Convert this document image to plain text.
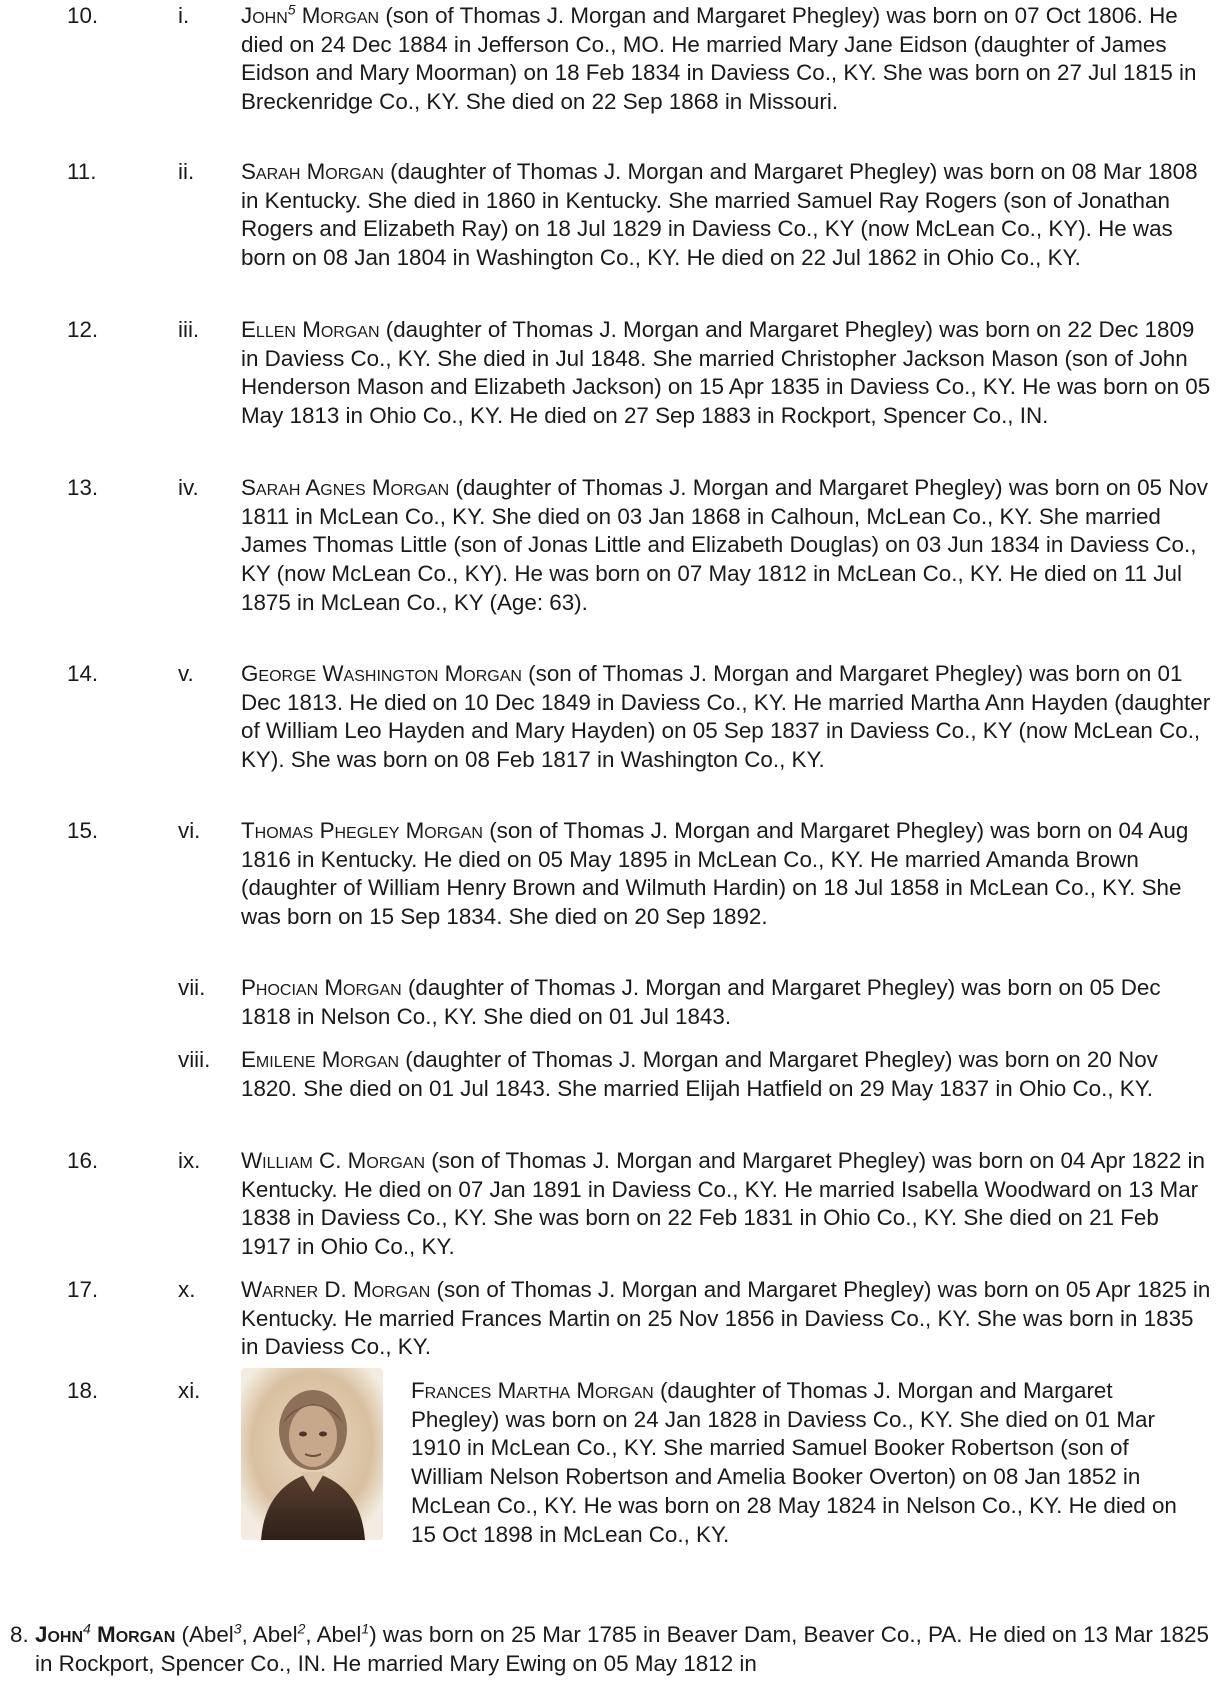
10.	i. John$^5$ Morgan (son of Thomas J. Morgan and Margaret Phegley) was born on 07 Oct 1806. He died on 24 Dec 1884 in Jefferson Co., MO. He married Mary Jane Eidson (daughter of James Eidson and Mary Moorman) on 18 Feb 1834 in Daviess Co., KY. She was born on 27 Jul 1815 in Breckenridge Co., KY. She died on 22 Sep 1868 in Missouri.
11.	ii. Sarah Morgan (daughter of Thomas J. Morgan and Margaret Phegley) was born on 08 Mar 1808 in Kentucky. She died in 1860 in Kentucky. She married Samuel Ray Rogers (son of Jonathan Rogers and Elizabeth Ray) on 18 Jul 1829 in Daviess Co., KY (now McLean Co., KY). He was born on 08 Jan 1804 in Washington Co., KY. He died on 22 Jul 1862 in Ohio Co., KY.
12.	iii. Ellen Morgan (daughter of Thomas J. Morgan and Margaret Phegley) was born on 22 Dec 1809 in Daviess Co., KY. She died in Jul 1848. She married Christopher Jackson Mason (son of John Henderson Mason and Elizabeth Jackson) on 15 Apr 1835 in Daviess Co., KY. He was born on 05 May 1813 in Ohio Co., KY. He died on 27 Sep 1883 in Rockport, Spencer Co., IN.
13.	iv. Sarah Agnes Morgan (daughter of Thomas J. Morgan and Margaret Phegley) was born on 05 Nov 1811 in McLean Co., KY. She died on 03 Jan 1868 in Calhoun, McLean Co., KY. She married James Thomas Little (son of Jonas Little and Elizabeth Douglas) on 03 Jun 1834 in Daviess Co., KY (now McLean Co., KY). He was born on 07 May 1812 in McLean Co., KY. He died on 11 Jul 1875 in McLean Co., KY (Age: 63).
14.	v. George Washington Morgan (son of Thomas J. Morgan and Margaret Phegley) was born on 01 Dec 1813. He died on 10 Dec 1849 in Daviess Co., KY. He married Martha Ann Hayden (daughter of William Leo Hayden and Mary Hayden) on 05 Sep 1837 in Daviess Co., KY (now McLean Co., KY). She was born on 08 Feb 1817 in Washington Co., KY.
15.	vi. Thomas Phegley Morgan (son of Thomas J. Morgan and Margaret Phegley) was born on 04 Aug 1816 in Kentucky. He died on 05 May 1895 in McLean Co., KY. He married Amanda Brown (daughter of William Henry Brown and Wilmuth Hardin) on 18 Jul 1858 in McLean Co., KY. She was born on 15 Sep 1834. She died on 20 Sep 1892.
vii. Phocian Morgan (daughter of Thomas J. Morgan and Margaret Phegley) was born on 05 Dec 1818 in Nelson Co., KY. She died on 01 Jul 1843.
viii. Emilene Morgan (daughter of Thomas J. Morgan and Margaret Phegley) was born on 20 Nov 1820. She died on 01 Jul 1843. She married Elijah Hatfield on 29 May 1837 in Ohio Co., KY.
16.	ix. William C. Morgan (son of Thomas J. Morgan and Margaret Phegley) was born on 04 Apr 1822 in Kentucky. He died on 07 Jan 1891 in Daviess Co., KY. He married Isabella Woodward on 13 Mar 1838 in Daviess Co., KY. She was born on 22 Feb 1831 in Ohio Co., KY. She died on 21 Feb 1917 in Ohio Co., KY.
17.	x. Warner D. Morgan (son of Thomas J. Morgan and Margaret Phegley) was born on 05 Apr 1825 in Kentucky. He married Frances Martin on 25 Nov 1856 in Daviess Co., KY. She was born in 1835 in Daviess Co., KY.
18.	xi.	Frances Martha Morgan (daughter of Thomas J. Morgan and Margaret Phegley) was born on 24 Jan 1828 in Daviess Co., KY. She died on 01 Mar 1910 in McLean Co., KY. She married Samuel Booker Robertson (son of William Nelson Robertson and Amelia Booker Overton) on 08 Jan 1852 in McLean Co., KY. He was born on 28 May 1824 in Nelson Co., KY. He died on 15 Oct 1898 in McLean Co., KY.
8. John$^4$ Morgan (Abel$^3$, Abel$^2$, Abel$^1$) was born on 25 Mar 1785 in Beaver Dam, Beaver Co., PA. He died on 13 Mar 1825 in Rockport, Spencer Co., IN. He married Mary Ewing on 05 May 1812 in
